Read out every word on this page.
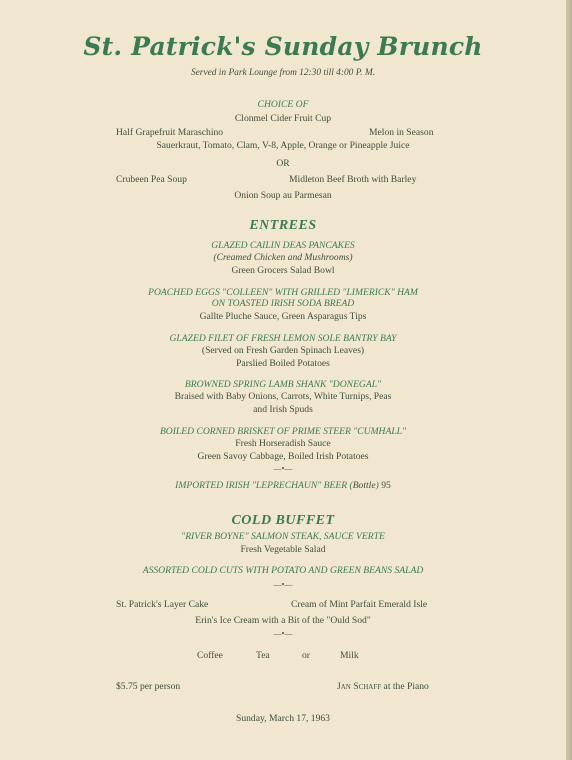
St. Patrick's Sunday Brunch
Served in Park Lounge from 12:30 till 4:00 P. M.
CHOICE OF
Clonmel Cider Fruit Cup
Half Grapefruit Maraschino	Melon in Season
Sauerkraut, Tomato, Clam, V-8, Apple, Orange or Pineapple Juice
OR
Crubeen Pea Soup	Midleton Beef Broth with Barley
Onion Soup au Parmesan
ENTREES
GLAZED CAILIN DEAS PANCAKES
(Creamed Chicken and Mushrooms)
Green Grocers Salad Bowl
POACHED EGGS "COLLEEN" WITH GRILLED "LIMERICK" HAM
ON TOASTED IRISH SODA BREAD
Gallte Pluche Sauce, Green Asparagus Tips
GLAZED FILET OF FRESH LEMON SOLE BANTRY BAY
(Served on Fresh Garden Spinach Leaves)
Parslied Boiled Potatoes
BROWNED SPRING LAMB SHANK "DONEGAL"
Braised with Baby Onions, Carrots, White Turnips, Peas
and Irish Spuds
BOILED CORNED BRISKET OF PRIME STEER "CUMHALL"
Fresh Horseradish Sauce
Green Savoy Cabbage, Boiled Irish Potatoes
—•—
IMPORTED IRISH "LEPRECHAUN" BEER (Bottle) 95
COLD BUFFET
"RIVER BOYNE" SALMON STEAK, SAUCE VERTE
Fresh Vegetable Salad
ASSORTED COLD CUTS WITH POTATO AND GREEN BEANS SALAD
—•—
St. Patrick's Layer Cake	Cream of Mint Parfait Emerald Isle
Erin's Ice Cream with a Bit of the "Ould Sod"
—•—
Coffee	Tea	or	Milk
$5.75 per person	Jan Schaff at the Piano
Sunday, March 17, 1963
